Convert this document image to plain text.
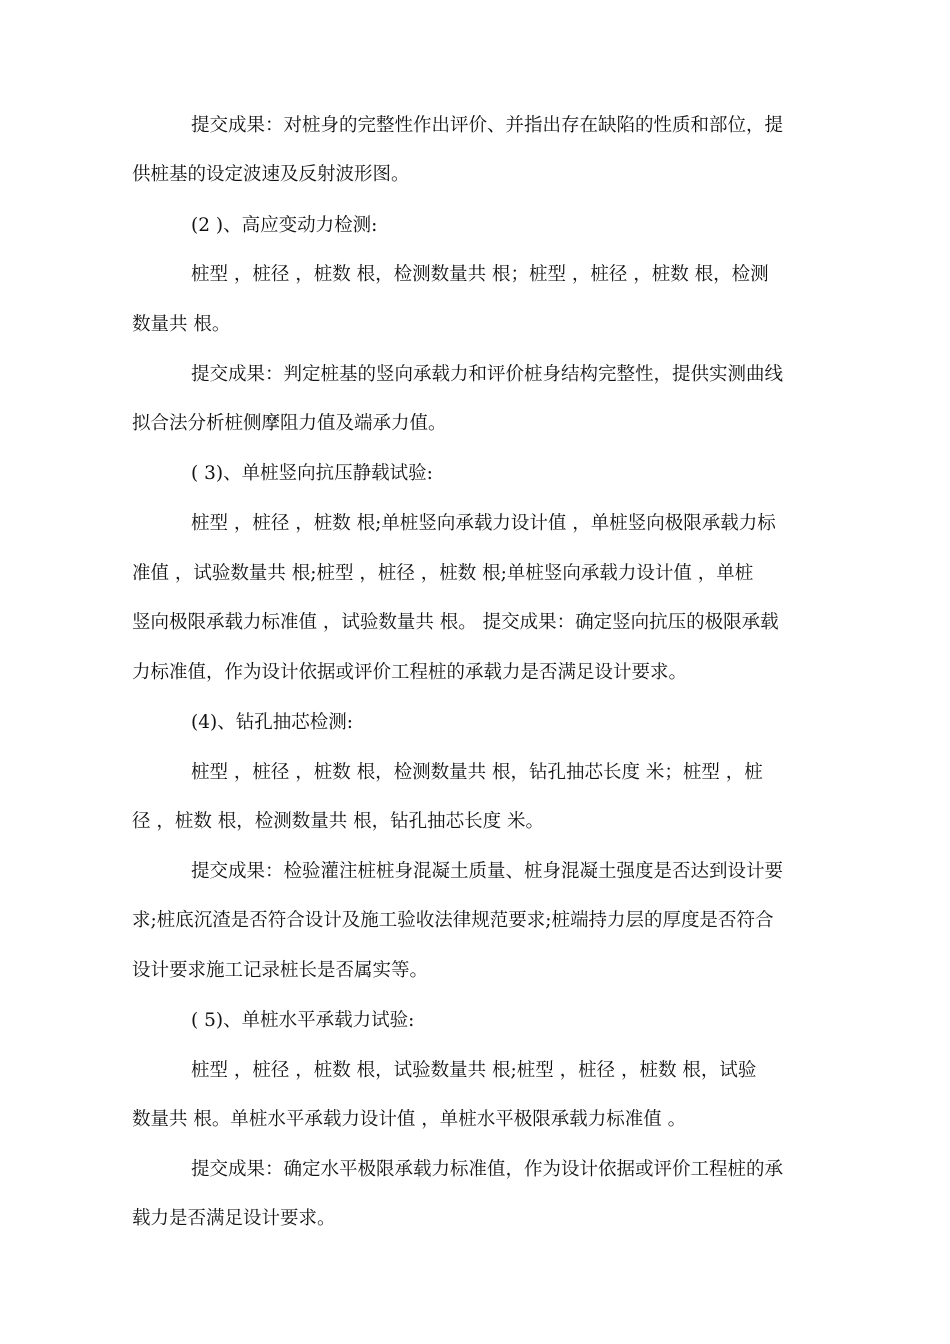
提交成果：对桩身的完整性作出评价、并指出存在缺陷的性质和部位，提
供桩基的设定波速及反射波形图。
(2 )、高应变动力检测:
桩型 ，桩径 ，桩数 根，检测数量共 根；桩型 ，桩径 ，桩数 根，检测
数量共 根。
提交成果：判定桩基的竖向承载力和评价桩身结构完整性，提供实测曲线
拟合法分析桩侧摩阻力值及端承力值。
( 3)、单桩竖向抗压静载试验:
桩型 ，桩径 ，桩数 根;单桩竖向承载力设计值 ，单桩竖向极限承载力标
准值 ，试验数量共 根;桩型 ，桩径 ，桩数 根;单桩竖向承载力设计值 ，单桩
竖向极限承载力标准值 ，试验数量共 根。 提交成果：确定竖向抗压的极限承载
力标准值，作为设计依据或评价工程桩的承载力是否满足设计要求。
(4)、钻孔抽芯检测:
桩型 ，桩径 ，桩数 根，检测数量共 根，钻孔抽芯长度 米；桩型 ，桩
径 ，桩数 根，检测数量共 根，钻孔抽芯长度 米。
提交成果：检验灌注桩桩身混凝土质量、桩身混凝土强度是否达到设计要
求;桩底沉渣是否符合设计及施工验收法律规范要求;桩端持力层的厚度是否符合
设计要求施工记录桩长是否属实等。
( 5)、单桩水平承载力试验:
桩型 ，桩径 ，桩数 根，试验数量共 根;桩型 ，桩径 ，桩数 根，试验
数量共 根。单桩水平承载力设计值 ，单桩水平极限承载力标准值 。
提交成果：确定水平极限承载力标准值，作为设计依据或评价工程桩的承
载力是否满足设计要求。
